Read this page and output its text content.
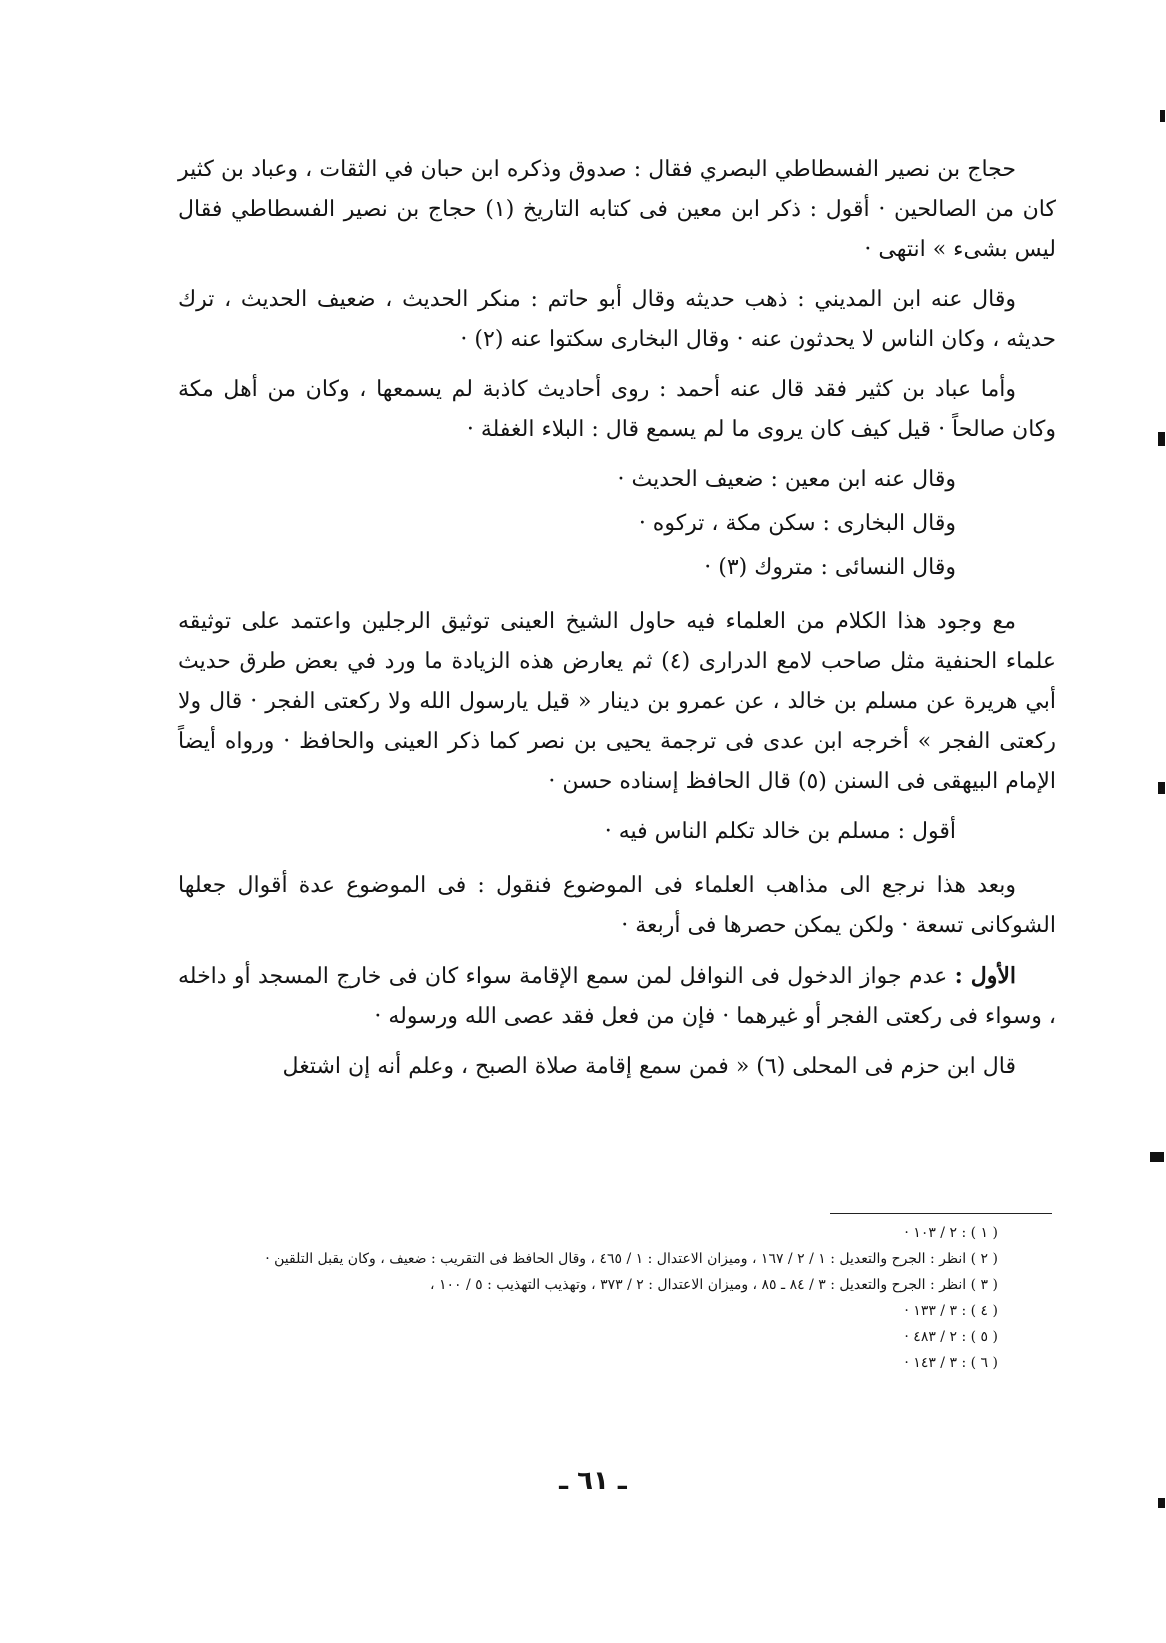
حجاج بن نصير الفسطاطي البصري فقال : صدوق وذكره ابن حبان في الثقات ، وعباد بن كثير كان من الصالحين · أقول : ذكر ابن معين فى كتابه التاريخ (١) حجاج بن نصير الفسطاطي فقال ليس بشىء » انتهى ·

وقال عنه ابن المديني : ذهب حديثه وقال أبو حاتم : منكر الحديث ، ضعيف الحديث ، ترك حديثه ، وكان الناس لا يحدثون عنه · وقال البخارى سكتوا عنه (٢) ·

وأما عباد بن كثير فقد قال عنه أحمد : روى أحاديث كاذبة لم يسمعها ، وكان من أهل مكة وكان صالحاً · قيل كيف كان يروى ما لم يسمع قال : البلاء الغفلة ·

وقال عنه ابن معين : ضعيف الحديث ·

وقال البخارى : سكن مكة ، تركوه ·

وقال النسائى : متروك (٣) ·

مع وجود هذا الكلام من العلماء فيه حاول الشيخ العينى توثيق الرجلين واعتمد على توثيقه علماء الحنفية مثل صاحب لامع الدرارى (٤) ثم يعارض هذه الزيادة ما ورد في بعض طرق حديث أبي هريرة عن مسلم بن خالد ، عن عمرو بن دينار « قيل يارسول الله ولا ركعتى الفجر · قال ولا ركعتى الفجر » أخرجه ابن عدى فى ترجمة يحيى بن نصر كما ذكر العينى والحافظ · ورواه أيضاً الإمام البيهقى فى السنن (٥) قال الحافظ إسناده حسن ·

أقول : مسلم بن خالد تكلم الناس فيه ·

وبعد هذا نرجع الى مذاهب العلماء فى الموضوع فنقول : فى الموضوع عدة أقوال جعلها الشوكانى تسعة · ولكن يمكن حصرها فى أربعة ·

الأول : عدم جواز الدخول فى النوافل لمن سمع الإقامة سواء كان فى خارج المسجد أو داخله ، وسواء فى ركعتى الفجر أو غيرهما · فإن من فعل فقد عصى الله ورسوله ·

قال ابن حزم فى المحلى (٦) « فمن سمع إقامة صلاة الصبح ، وعلم أنه إن اشتغل

( ١ ) : ٢ / ١٠٣ ·
( ٢ ) انظر : الجرح والتعديل : ١ / ٢ / ١٦٧ ، وميزان الاعتدال : ١ / ٤٦٥ ، وقال الحافظ فى التقريب : ضعيف ، وكان يقبل التلقين ·
( ٣ ) انظر : الجرح والتعديل : ٣ / ٨٤ ـ ٨٥ ، وميزان الاعتدال : ٢ / ٣٧٣ ، وتهذيب التهذيب : ٥ / ١٠٠ ،
( ٤ ) : ٣ / ١٣٣ ·
( ٥ ) : ٢ / ٤٨٣ ·
( ٦ ) : ٣ / ١٤٣ ·
ـ ٦١ ـ
